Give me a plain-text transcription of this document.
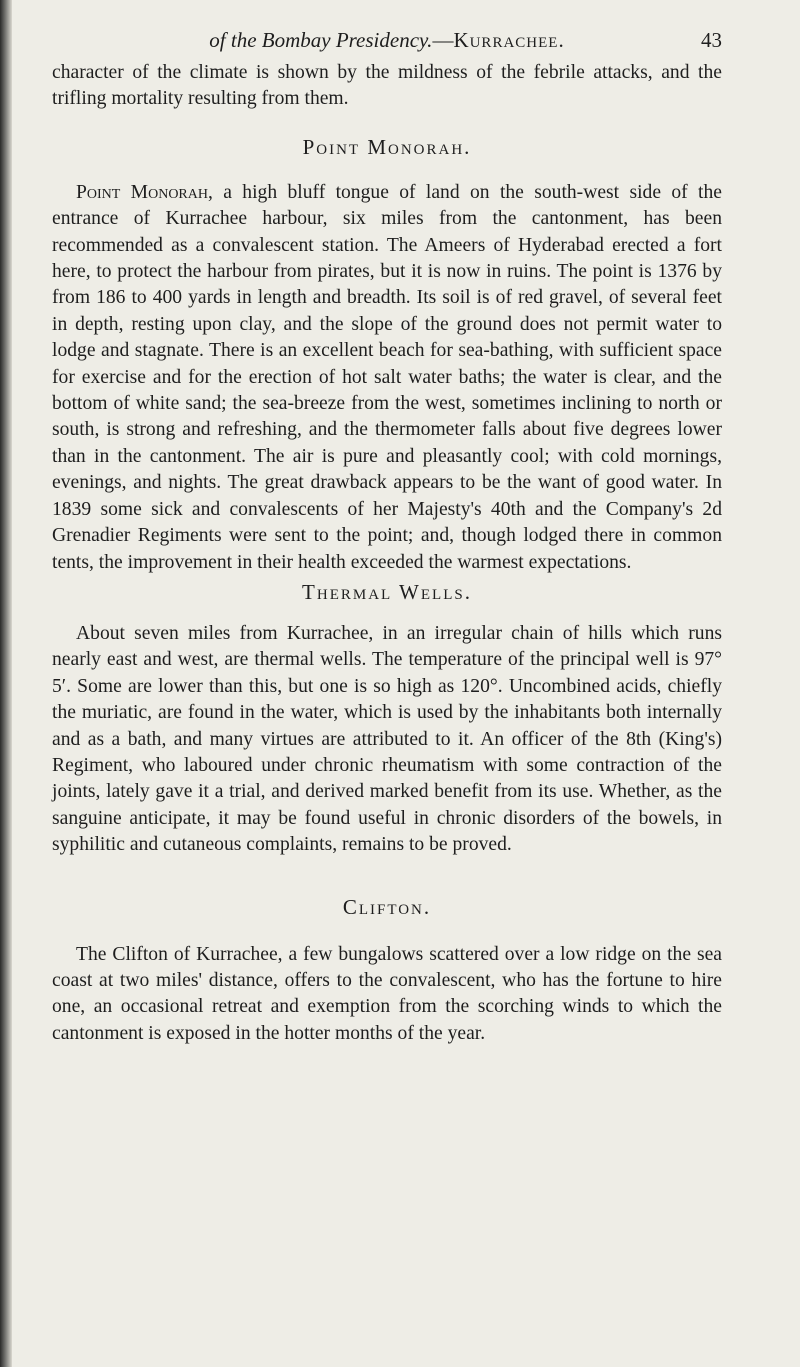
of the Bombay Presidency.—Kurrachee.	43

character of the climate is shown by the mildness of the febrile attacks, and the trifling mortality resulting from them.

Point Monorah.

Point Monorah, a high bluff tongue of land on the south-west side of the entrance of Kurrachee harbour, six miles from the cantonment, has been recommended as a convalescent station. The Ameers of Hyderabad erected a fort here, to protect the harbour from pirates, but it is now in ruins. The point is 1376 by from 186 to 400 yards in length and breadth. Its soil is of red gravel, of several feet in depth, resting upon clay, and the slope of the ground does not permit water to lodge and stagnate. There is an excellent beach for sea-bathing, with sufficient space for exercise and for the erection of hot salt water baths; the water is clear, and the bottom of white sand; the sea-breeze from the west, sometimes inclining to north or south, is strong and refreshing, and the thermometer falls about five degrees lower than in the cantonment. The air is pure and pleasantly cool; with cold mornings, evenings, and nights. The great drawback appears to be the want of good water. In 1839 some sick and convalescents of her Majesty's 40th and the Company's 2d Grenadier Regiments were sent to the point; and, though lodged there in common tents, the improvement in their health exceeded the warmest expectations.

Thermal Wells.

About seven miles from Kurrachee, in an irregular chain of hills which runs nearly east and west, are thermal wells. The temperature of the principal well is 97° 5′. Some are lower than this, but one is so high as 120°. Uncombined acids, chiefly the muriatic, are found in the water, which is used by the inhabitants both internally and as a bath, and many virtues are attributed to it. An officer of the 8th (King's) Regiment, who laboured under chronic rheumatism with some contraction of the joints, lately gave it a trial, and derived marked benefit from its use. Whether, as the sanguine anticipate, it may be found useful in chronic disorders of the bowels, in syphilitic and cutaneous complaints, remains to be proved.

Clifton.

The Clifton of Kurrachee, a few bungalows scattered over a low ridge on the sea coast at two miles' distance, offers to the convalescent, who has the fortune to hire one, an occasional retreat and exemption from the scorching winds to which the cantonment is exposed in the hotter months of the year.
